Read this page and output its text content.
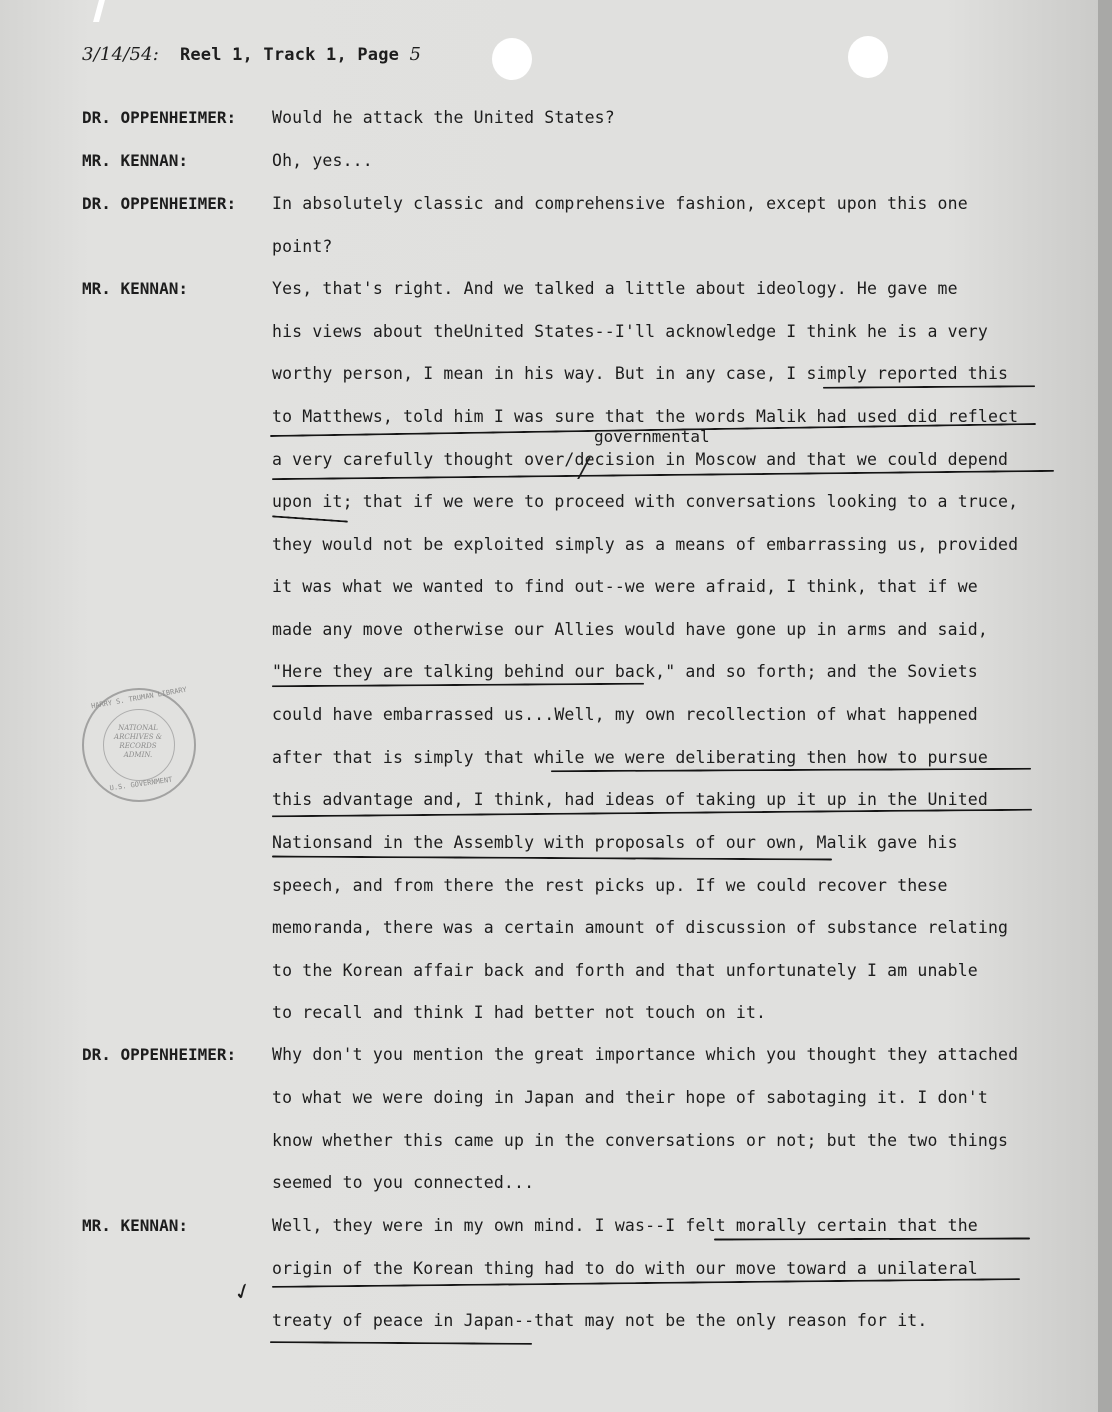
3/14/54: Reel 1, Track 1, Page 5
DR. OPPENHEIMER:
MR. KENNAN:
DR. OPPENHEIMER:
MR. KENNAN:
DR. OPPENHEIMER:
MR. KENNAN:
Would he attack the United States?
Oh, yes...
In absolutely classic and comprehensive fashion, except upon this one
point?
Yes, that's right. And we talked a little about ideology. He gave me
his views about theUnited States--I'll acknowledge I think he is a very
worthy person, I mean in his way. But in any case, I simply reported this
to Matthews, told him I was sure that the words Malik had used did reflect
a very carefully thought over/decision in Moscow and that we could depend
upon it; that if we were to proceed with conversations looking to a truce,
they would not be exploited simply as a means of embarrassing us, provided
it was what we wanted to find out--we were afraid, I think, that if we
made any move otherwise our Allies would have gone up in arms and said,
"Here they are talking behind our back," and so forth; and the Soviets
could have embarrassed us...Well, my own recollection of what happened
after that is simply that while we were deliberating then how to pursue
this advantage and, I think, had ideas of taking up it up in the United
Nationsand in the Assembly with proposals of our own, Malik gave his
speech, and from there the rest picks up. If we could recover these
memoranda, there was a certain amount of discussion of substance relating
to the Korean affair back and forth and that unfortunately I am unable
to recall and think I had better not touch on it.
Why don't you mention the great importance which you thought they attached
to what we were doing in Japan and their hope of sabotaging it. I don't
know whether this came up in the conversations or not; but the two things
seemed to you connected...
Well, they were in my own mind. I was--I felt morally certain that the
origin of the Korean thing had to do with our move toward a unilateral
treaty of peace in Japan--that may not be the only reason for it.
governmental
✓
HARRY S. TRUMAN LIBRARY
NATIONAL ARCHIVES & RECORDS ADMIN.
U.S. GOVERNMENT
